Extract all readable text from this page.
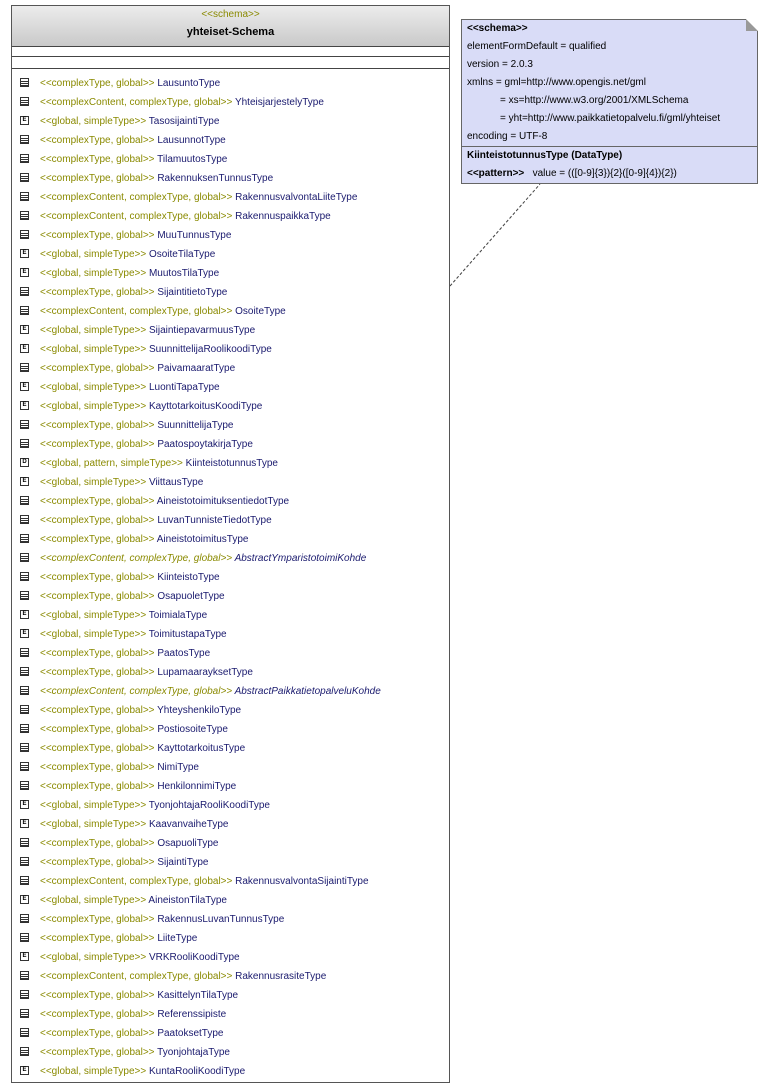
<<schema>>
yhteiset-Schema
<<complexType, global>> LausuntoType
<<complexContent, complexType, global>> YhteisjarjestelyType
E <<global, simpleType>> TasosijaintiType
<<complexType, global>> LausunnotType
<<complexType, global>> TilamuutosType
<<complexType, global>> RakennuksenTunnusType
<<complexContent, complexType, global>> RakennusvalvontaLiiteType
<<complexContent, complexType, global>> RakennuspaikkaType
<<complexType, global>> MuuTunnusType
E <<global, simpleType>> OsoiteTilaType
E <<global, simpleType>> MuutosTilaType
<<complexType, global>> SijaintitietoType
<<complexContent, complexType, global>> OsoiteType
E <<global, simpleType>> SijaintiepavarmuusType
E <<global, simpleType>> SuunnittelijaRoolikoodiType
<<complexType, global>> PaivamaaratType
E <<global, simpleType>> LuontiTapaType
E <<global, simpleType>> KayttotarkoitusKoodiType
<<complexType, global>> SuunnittelijaType
<<complexType, global>> PaatospoytakirjaType
D <<global, pattern, simpleType>> KiinteistotunnusType
E <<global, simpleType>> ViittausType
<<complexType, global>> AineistotoimituksentiedotType
<<complexType, global>> LuvanTunnisteTiedotType
<<complexType, global>> AineistotoimitusType
<<complexContent, complexType, global>> AbstractYmparistotoimiKohde
<<complexType, global>> KiinteistoType
<<complexType, global>> OsapuoletType
E <<global, simpleType>> ToimialaType
E <<global, simpleType>> ToimitustapaType
<<complexType, global>> PaatosType
<<complexType, global>> LupamaarayksetType
<<complexContent, complexType, global>> AbstractPaikkatietopalveluKohde
<<complexType, global>> YhteyshenkiloType
<<complexType, global>> PostiosoiteType
<<complexType, global>> KayttotarkoitusType
<<complexType, global>> NimiType
<<complexType, global>> HenkilonnimiType
E <<global, simpleType>> TyonjohtajaRooliKoodiType
E <<global, simpleType>> KaavanvaiheType
<<complexType, global>> OsapuoliType
<<complexType, global>> SijaintiType
<<complexContent, complexType, global>> RakennusvalvontaSijaintiType
E <<global, simpleType>> AineistonTilaType
<<complexType, global>> RakennusLuvanTunnusType
<<complexType, global>> LiiteType
E <<global, simpleType>> VRKRooliKoodiType
<<complexContent, complexType, global>> RakennusrasiteType
<<complexType, global>> KasittelynTilaType
<<complexType, global>> Referenssipiste
<<complexType, global>> PaatoksetType
<<complexType, global>> TyonjohtajaType
E <<global, simpleType>> KuntaRooliKoodiType
<<schema>>
elementFormDefault = qualified
version = 2.0.3
xmlns = gml=http://www.opengis.net/gml
= xs=http://www.w3.org/2001/XMLSchema
= yht=http://www.paikkatietopalvelu.fi/gml/yhteiset
encoding = UTF-8
KiinteistotunnusType (DataType)
<<pattern>> value = (([0-9]{3}){2}([0-9]{4}){2})
